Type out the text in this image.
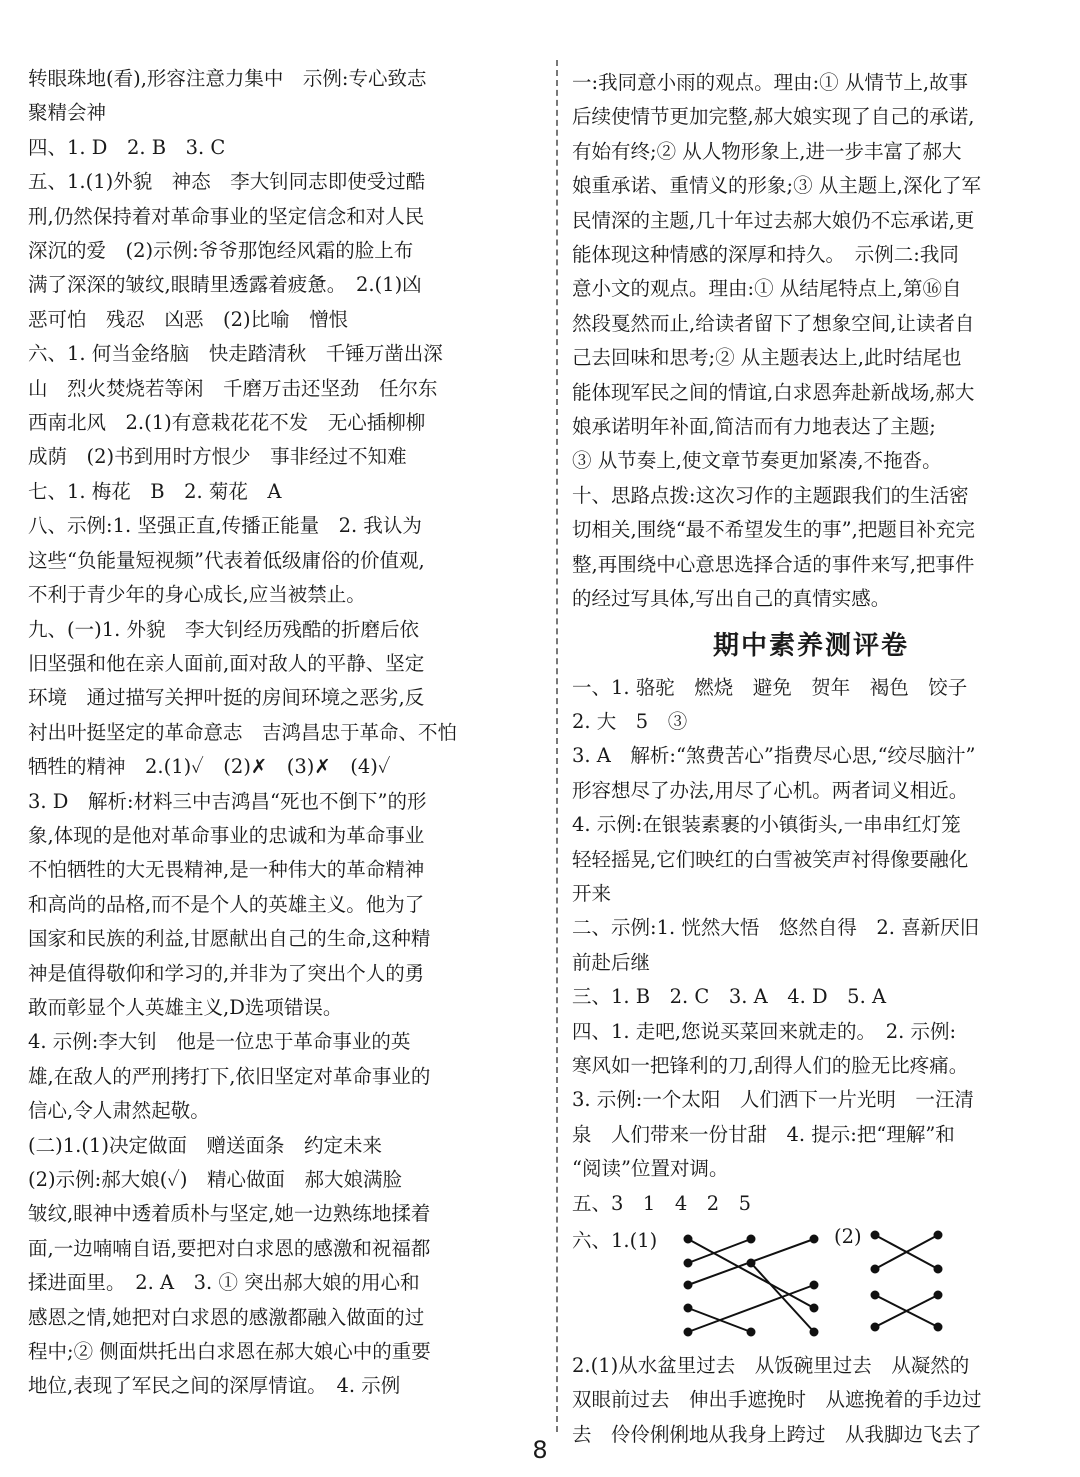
转眼珠地(看),形容注意力集中　示例:专心致志
聚精会神
四、1. D　2. B　3. C
五、1.(1)外貌　神态　李大钊同志即使受过酷
刑,仍然保持着对革命事业的坚定信念和对人民
深沉的爱　(2)示例:爷爷那饱经风霜的脸上布
满了深深的皱纹,眼睛里透露着疲惫。　2.(1)凶
恶可怕　残忍　凶恶　(2)比喻　憎恨
六、1. 何当金络脑　快走踏清秋　千锤万凿出深
山　烈火焚烧若等闲　千磨万击还坚劲　任尔东
西南北风　2.(1)有意栽花花不发　无心插柳柳
成荫　(2)书到用时方恨少　事非经过不知难
七、1. 梅花　B　2. 菊花　A
八、示例:1. 坚强正直,传播正能量　2. 我认为
这些“负能量短视频”代表着低级庸俗的价值观,
不利于青少年的身心成长,应当被禁止。
九、(一)1. 外貌　李大钊经历残酷的折磨后依
旧坚强和他在亲人面前,面对敌人的平静、坚定
环境　通过描写关押叶挺的房间环境之恶劣,反
衬出叶挺坚定的革命意志　吉鸿昌忠于革命、不怕
牺牲的精神　2.(1)✓　(2)✗　(3)✗　(4)✓
3. D　解析:材料三中吉鸿昌“死也不倒下”的形
象,体现的是他对革命事业的忠诚和为革命事业
不怕牺牲的大无畏精神,是一种伟大的革命精神
和高尚的品格,而不是个人的英雄主义。他为了
国家和民族的利益,甘愿献出自己的生命,这种精
神是值得敬仰和学习的,并非为了突出个人的勇
敢而彰显个人英雄主义,D选项错误。
4. 示例:李大钊　他是一位忠于革命事业的英
雄,在敌人的严刑拷打下,依旧坚定对革命事业的
信心,令人肃然起敬。
(二)1.(1)决定做面　赠送面条　约定未来
(2)示例:郝大娘(✓)　精心做面　郝大娘满脸
皱纹,眼神中透着质朴与坚定,她一边熟练地揉着
面,一边喃喃自语,要把对白求恩的感激和祝福都
揉进面里。　2. A　3. ① 突出郝大娘的用心和
感恩之情,她把对白求恩的感激都融入做面的过
程中;② 侧面烘托出白求恩在郝大娘心中的重要
地位,表现了军民之间的深厚情谊。　4. 示例

一:我同意小雨的观点。理由:① 从情节上,故事
后续使情节更加完整,郝大娘实现了自己的承诺,
有始有终;② 从人物形象上,进一步丰富了郝大
娘重承诺、重情义的形象;③ 从主题上,深化了军
民情深的主题,几十年过去郝大娘仍不忘承诺,更
能体现这种情感的深厚和持久。　示例二:我同
意小文的观点。理由:① 从结尾特点上,第⑯自
然段戛然而止,给读者留下了想象空间,让读者自
己去回味和思考;② 从主题表达上,此时结尾也
能体现军民之间的情谊,白求恩奔赴新战场,郝大
娘承诺明年补面,简洁而有力地表达了主题;
③ 从节奏上,使文章节奏更加紧凑,不拖沓。
十、思路点拨:这次习作的主题跟我们的生活密
切相关,围绕“最不希望发生的事”,把题目补充完
整,再围绕中心意思选择合适的事件来写,把事件
的经过写具体,写出自己的真情实感。

期中素养测评卷

一、1. 骆驼　燃烧　避免　贺年　褐色　饺子
2. 大　5　③
3. A　解析:“煞费苦心”指费尽心思,“绞尽脑汁”
形容想尽了办法,用尽了心机。两者词义相近。
4. 示例:在银装素裹的小镇街头,一串串红灯笼
轻轻摇晃,它们映红的白雪被笑声衬得像要融化
开来
二、示例:1. 恍然大悟　悠然自得　2. 喜新厌旧
前赴后继
三、1. B　2. C　3. A　4. D　5. A
四、1. 走吧,您说买菜回来就走的。　2. 示例:
寒风如一把锋利的刀,刮得人们的脸无比疼痛。
3. 示例:一个太阳　人们洒下一片光明　一汪清
泉　人们带来一份甘甜　4. 提示:把“理解”和
“阅读”位置对调。
五、3　1　4　2　5

六、1.(1)	(2)

2.(1)从水盆里过去　从饭碗里过去　从凝然的
双眼前过去　伸出手遮挽时　从遮挽着的手边过
去　伶伶俐俐地从我身上跨过　从我脚边飞去了

8
